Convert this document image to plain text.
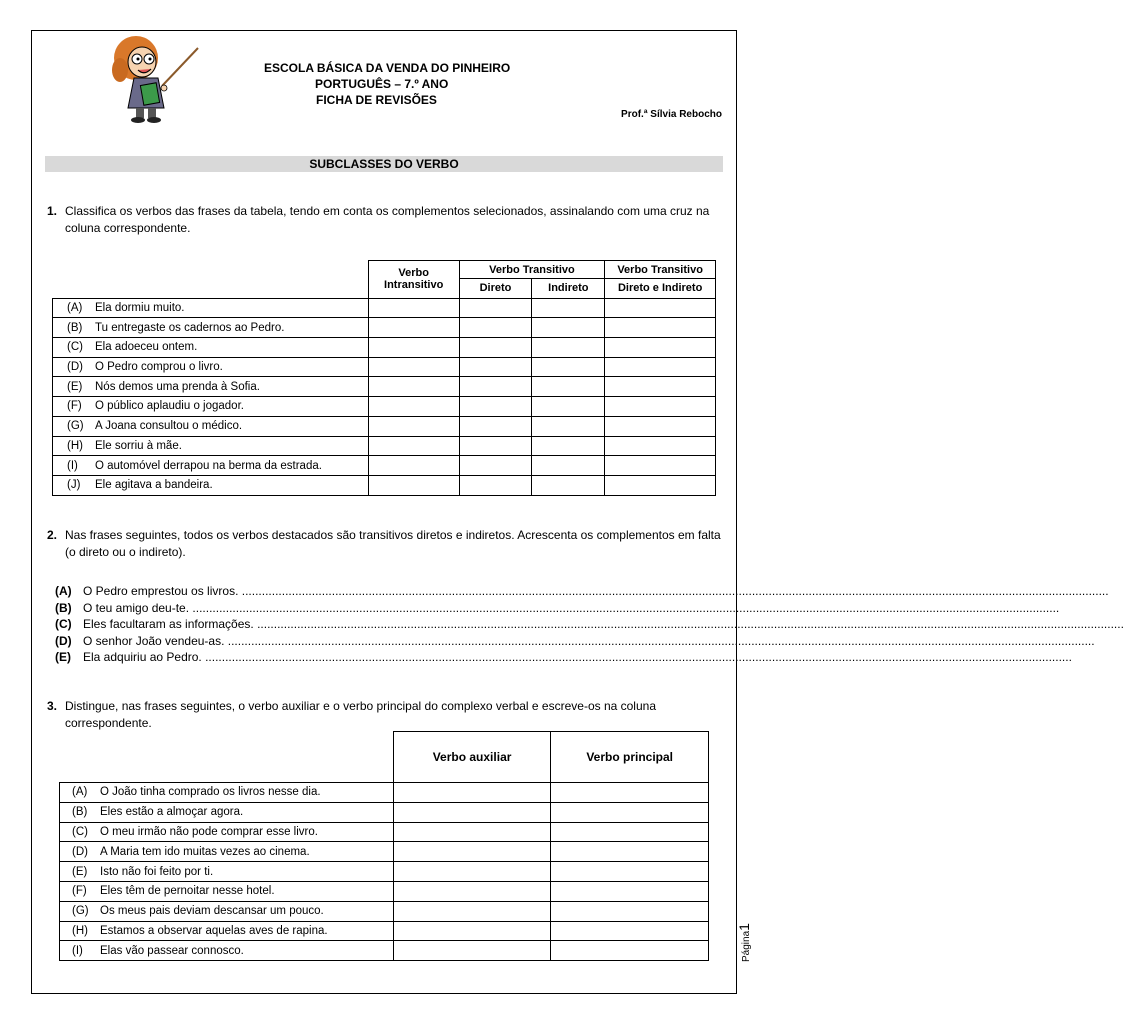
ESCOLA BÁSICA DA VENDA DO PINHEIRO
PORTUGUÊS – 7.º ANO
FICHA DE REVISÕES
Prof.ª Sílvia Rebocho
SUBCLASSES DO VERBO
1. Classifica os verbos das frases da tabela, tendo em conta os complementos selecionados, assinalando com uma cruz na coluna correspondente.
	Verbo Intransitivo	Verbo Transitivo		Verbo Transitivo
		Direto	Indireto	Direto e Indireto
(A) Ela dormiu muito.				
(B) Tu entregaste os cadernos ao Pedro.				
(C) Ela adoeceu ontem.				
(D) O Pedro comprou o livro.				
(E) Nós demos uma prenda à Sofia.				
(F) O público aplaudiu o jogador.				
(G) A Joana consultou o médico.				
(H) Ele sorriu à mãe.				
(I) O automóvel derrapou na berma da estrada.				
(J) Ele agitava a bandeira.				
2. Nas frases seguintes, todos os verbos destacados são transitivos diretos e indiretos. Acrescenta os complementos em falta (o direto ou o indireto).
(A) O Pedro emprestou os livros. ....................................................................................................................................................................................................................................................................
(B) O teu amigo deu-te. ....................................................................................................................................................................................................................................................................
(C) Eles facultaram as informações. ....................................................................................................................................................................................................................................................................
(D) O senhor João vendeu-as. ....................................................................................................................................................................................................................................................................
(E) Ela adquiriu ao Pedro. ....................................................................................................................................................................................................................................................................
3. Distingue, nas frases seguintes, o verbo auxiliar e o verbo principal do complexo verbal e escreve-os na coluna correspondente.
	Verbo auxiliar	Verbo principal
(A) O João tinha comprado os livros nesse dia.		
(B) Eles estão a almoçar agora.		
(C) O meu irmão não pode comprar esse livro.		
(D) A Maria tem ido muitas vezes ao cinema.		
(E) Isto não foi feito por ti.		
(F) Eles têm de pernoitar nesse hotel.		
(G) Os meus pais deviam descansar um pouco.		
(H) Estamos a observar aquelas aves de rapina.		
(I) Elas vão passear connosco.			Página1
